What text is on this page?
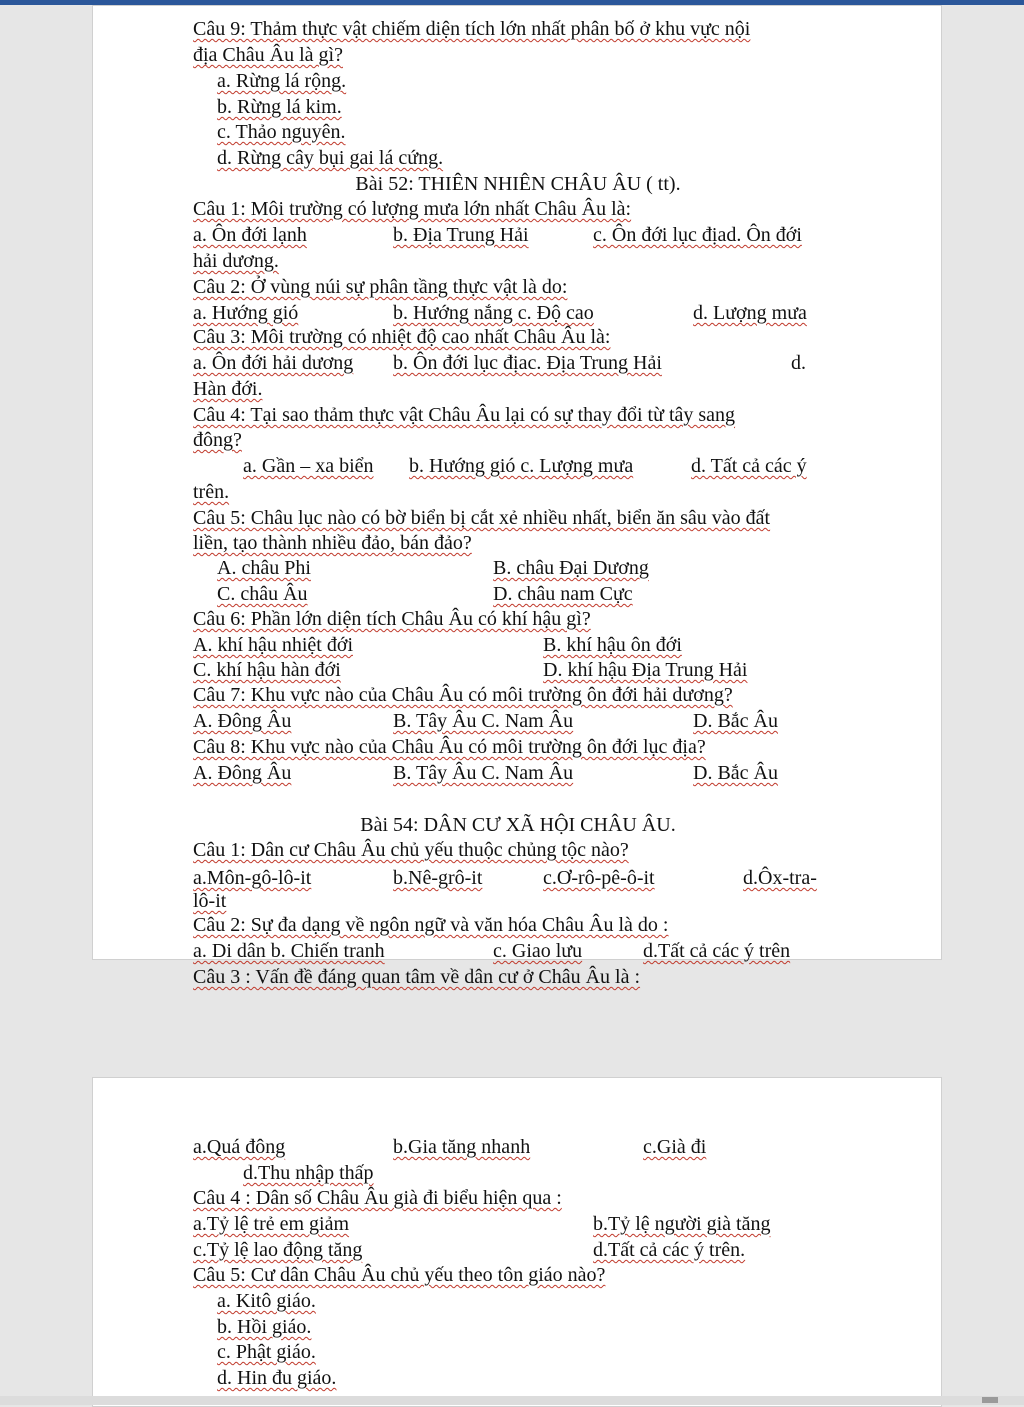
Câu 9: Thảm thực vật chiếm diện tích lớn nhất phân bố ở khu vực nội
địa Châu Âu là gì?
a. Rừng lá rộng.
b. Rừng lá kim.
c. Thảo nguyên.
d. Rừng cây bụi gai lá cứng.
Bài 52: THIÊN NHIÊN CHÂU ÂU ( tt).
Câu 1: Môi trường có lượng mưa lớn nhất Châu Âu là:
a. Ôn đới lạnh	b. Địa Trung Hải	c. Ôn đới lục địad. Ôn đới
hải dương.
Câu 2: Ở vùng núi sự phân tầng thực vật là do:
a. Hướng gió	b. Hướng nắng c. Độ cao	d. Lượng mưa
Câu 3: Môi trường có nhiệt độ cao nhất Châu Âu là:
a. Ôn đới hải dương b. Ôn đới lục địac. Địa Trung Hải	d.
Hàn đới.
Câu 4: Tại sao thảm thực vật Châu Âu lại có sự thay đổi từ tây sang
đông?
a. Gần – xa biển b. Hướng gió c. Lượng mưa	d. Tất cả các ý
trên.
Câu 5: Châu lục nào có bờ biển bị cắt xẻ nhiều nhất, biển ăn sâu vào đất
liền, tạo thành nhiều đảo, bán đảo?
A. châu Phi	B. châu Đại Dương
C. châu Âu	D. châu nam Cực
Câu 6: Phần lớn diện tích Châu Âu có khí hậu gì?
A. khí hậu nhiệt đới	B. khí hậu ôn đới
C. khí hậu hàn đới	D. khí hậu Địa Trung Hải
Câu 7: Khu vực nào của Châu Âu có môi trường ôn đới hải dương?
A. Đông Âu	B. Tây Âu C. Nam Âu	D. Bắc Âu
Câu 8: Khu vực nào của Châu Âu có môi trường ôn đới lục địa?
A. Đông Âu	B. Tây Âu C. Nam Âu	D. Bắc Âu
Bài 54: DÂN CƯ XÃ HỘI CHÂU ÂU.
Câu 1: Dân cư Châu Âu chủ yếu thuộc chủng tộc nào?
a.Môn-gô-lô-it	b.Nê-grô-it	c.Ơ-rô-pê-ô-it	d.Ôx-tra-
lô-it
Câu 2: Sự đa dạng về ngôn ngữ và văn hóa Châu Âu là do :
a. Di dân b. Chiến tranh	c. Giao lưu	d.Tất cả các ý trên
Câu 3 : Vấn đề đáng quan tâm về dân cư ở Châu Âu là :
a.Quá đông	b.Gia tăng nhanh	c.Già đi
d.Thu nhập thấp
Câu 4 : Dân số Châu Âu già đi biểu hiện qua :
a.Tỷ lệ trẻ em giảm	b.Tỷ lệ người già tăng
c.Tỷ lệ lao động tăng	d.Tất cả các ý trên.
Câu 5: Cư dân Châu Âu chủ yếu theo tôn giáo nào?
a. Kitô giáo.
b. Hồi giáo.
c. Phật giáo.
d. Hin đu giáo.
